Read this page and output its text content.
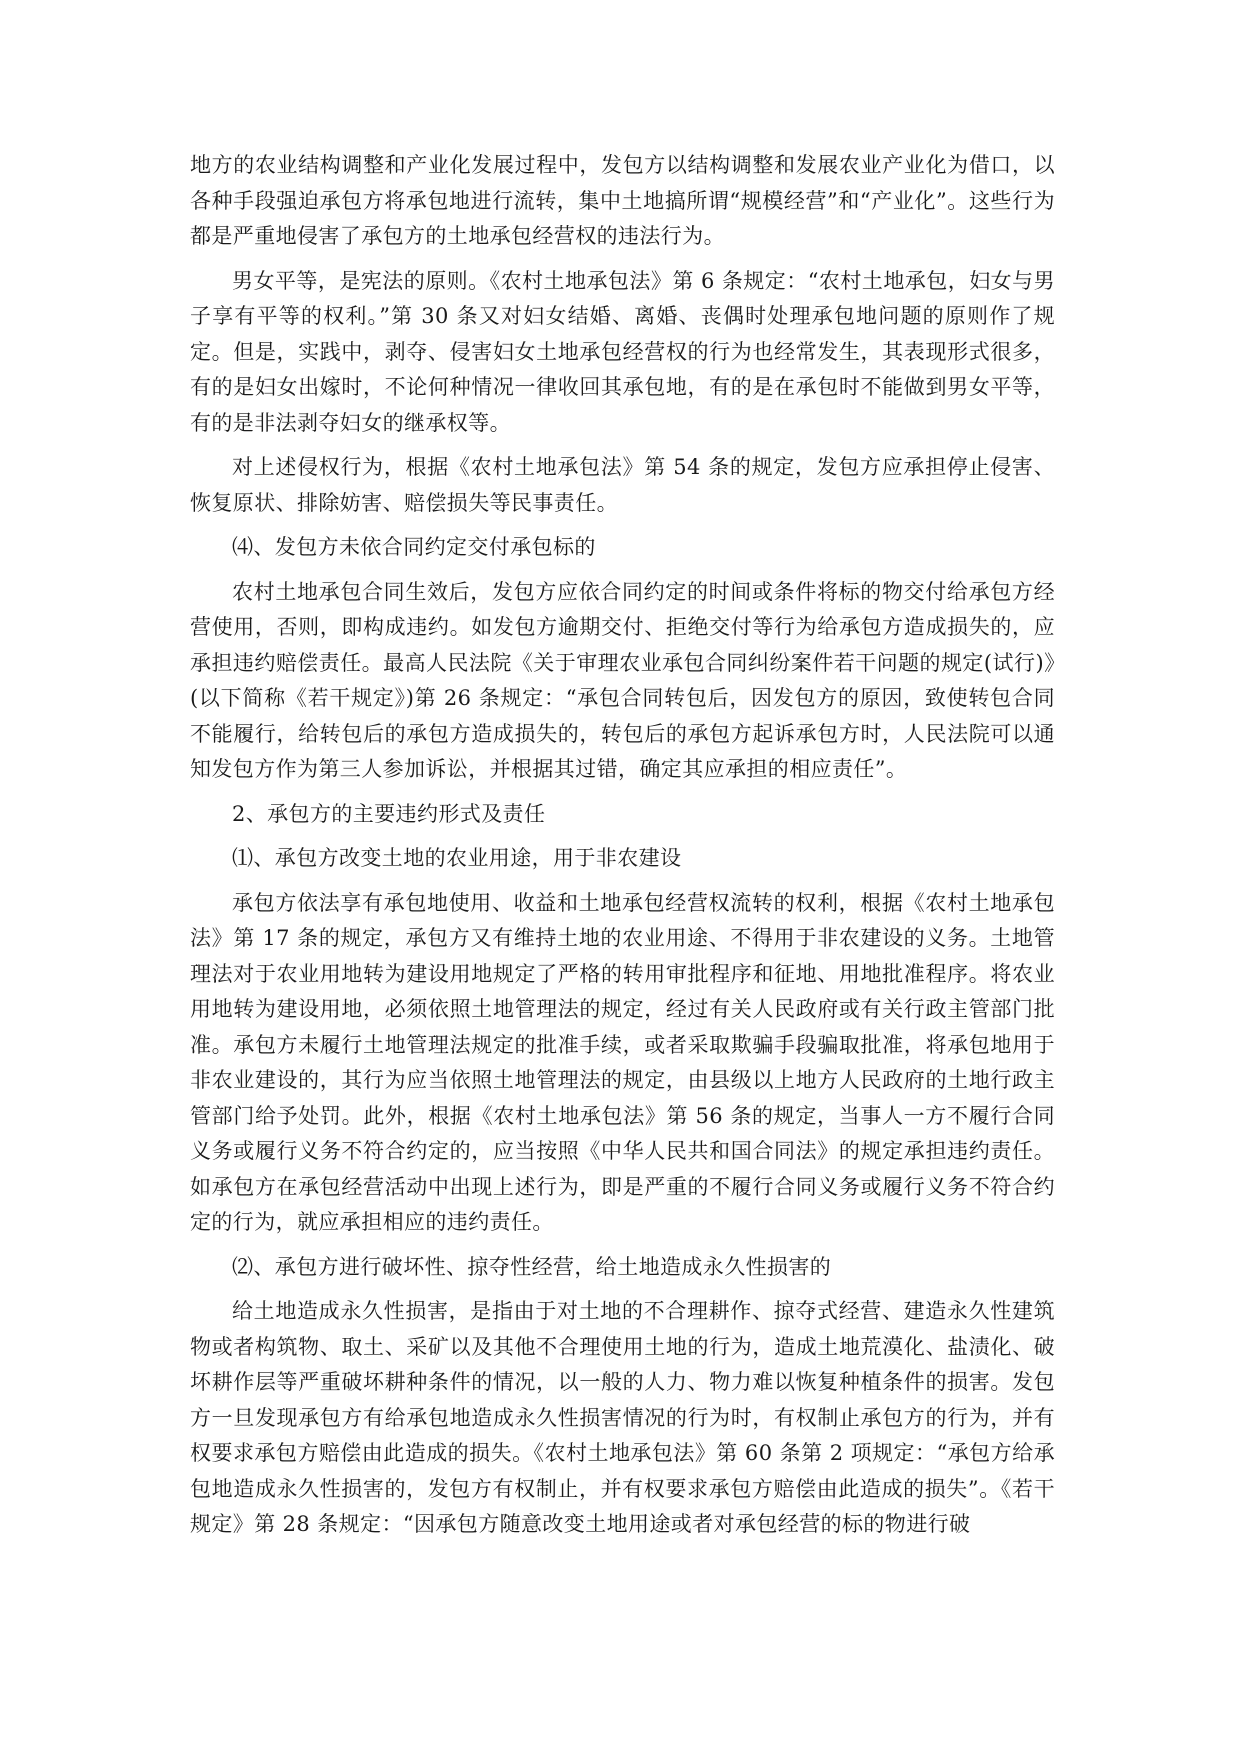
地方的农业结构调整和产业化发展过程中，发包方以结构调整和发展农业产业化为借口，以各种手段强迫承包方将承包地进行流转，集中土地搞所谓“规模经营”和“产业化”。这些行为都是严重地侵害了承包方的土地承包经营权的违法行为。

男女平等，是宪法的原则。《农村土地承包法》第 6 条规定：“农村土地承包，妇女与男子享有平等的权利。”第 30 条又对妇女结婚、离婚、丧偶时处理承包地问题的原则作了规定。但是，实践中，剥夺、侵害妇女土地承包经营权的行为也经常发生，其表现形式很多，有的是妇女出嫁时，不论何种情况一律收回其承包地，有的是在承包时不能做到男女平等，有的是非法剥夺妇女的继承权等。

对上述侵权行为，根据《农村土地承包法》第 54 条的规定，发包方应承担停止侵害、恢复原状、排除妨害、赔偿损失等民事责任。

⑷、发包方未依合同约定交付承包标的

农村土地承包合同生效后，发包方应依合同约定的时间或条件将标的物交付给承包方经营使用，否则，即构成违约。如发包方逾期交付、拒绝交付等行为给承包方造成损失的，应承担违约赔偿责任。最高人民法院《关于审理农业承包合同纠纷案件若干问题的规定(试行)》(以下简称《若干规定》)第 26 条规定：“承包合同转包后，因发包方的原因，致使转包合同不能履行，给转包后的承包方造成损失的，转包后的承包方起诉承包方时，人民法院可以通知发包方作为第三人参加诉讼，并根据其过错，确定其应承担的相应责任”。

2、承包方的主要违约形式及责任

⑴、承包方改变土地的农业用途，用于非农建设

承包方依法享有承包地使用、收益和土地承包经营权流转的权利，根据《农村土地承包法》第 17 条的规定，承包方又有维持土地的农业用途、不得用于非农建设的义务。土地管理法对于农业用地转为建设用地规定了严格的转用审批程序和征地、用地批准程序。将农业用地转为建设用地，必须依照土地管理法的规定，经过有关人民政府或有关行政主管部门批准。承包方未履行土地管理法规定的批准手续，或者采取欺骗手段骗取批准，将承包地用于非农业建设的，其行为应当依照土地管理法的规定，由县级以上地方人民政府的土地行政主管部门给予处罚。此外，根据《农村土地承包法》第 56 条的规定，当事人一方不履行合同义务或履行义务不符合约定的，应当按照《中华人民共和国合同法》的规定承担违约责任。如承包方在承包经营活动中出现上述行为，即是严重的不履行合同义务或履行义务不符合约定的行为，就应承担相应的违约责任。

⑵、承包方进行破坏性、掠夺性经营，给土地造成永久性损害的

给土地造成永久性损害，是指由于对土地的不合理耕作、掠夺式经营、建造永久性建筑物或者构筑物、取土、采矿以及其他不合理使用土地的行为，造成土地荒漠化、盐渍化、破坏耕作层等严重破坏耕种条件的情况，以一般的人力、物力难以恢复种植条件的损害。发包方一旦发现承包方有给承包地造成永久性损害情况的行为时，有权制止承包方的行为，并有权要求承包方赔偿由此造成的损失。《农村土地承包法》第 60 条第 2 项规定：“承包方给承包地造成永久性损害的，发包方有权制止，并有权要求承包方赔偿由此造成的损失”。《若干规定》第 28 条规定：“因承包方随意改变土地用途或者对承包经营的标的物进行破
